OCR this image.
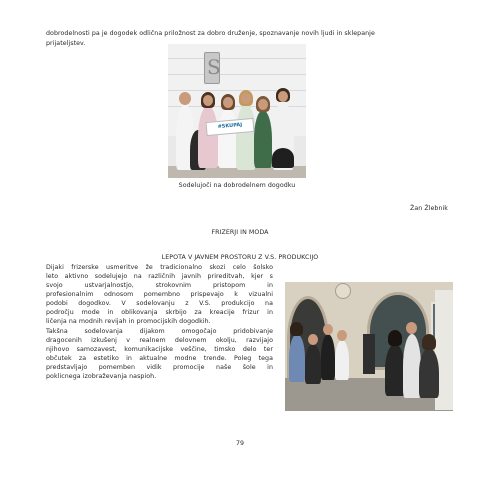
dobrodelnosti pa je dogodek odlična priložnost za dobro druženje, spoznavanje novih ljudi in sklepanje
prijateljstev.
S
#SKUPAJ
Sodelujoči na dobrodelnem dogodku
Žan Žlebnik
FRIZERJI IN MODA
LEPOTA V JAVNEM PROSTORU Z V.S. PRODUKCIJO
Dijaki frizerske usmeritve že tradicionalno skozi celo šolsko
leto aktivno sodelujejo na različnih javnih prireditvah, kjer s
svojo ustvarjalnostjo, strokovnim pristopom in
profesionalnim odnosom pomembno prispevajo k vizualni
podobi dogodkov. V sodelovanju z V.S. produkcijo na
področju mode in oblikovanja skrbijo za kreacije frizur in
ličenja na modnih revijah in promocijskih dogodkih.
Takšna sodelovanja dijakom omogočajo pridobivanje
dragocenih izkušenj v realnem delovnem okolju, razvijajo
njihovo samozavest, komunikacijske veščine, timsko delo ter
občutek za estetiko in aktualne modne trende. Poleg tega
predstavljajo pomemben vidik promocije naše šole in
poklicnega izobraževanja naspioh.
79
